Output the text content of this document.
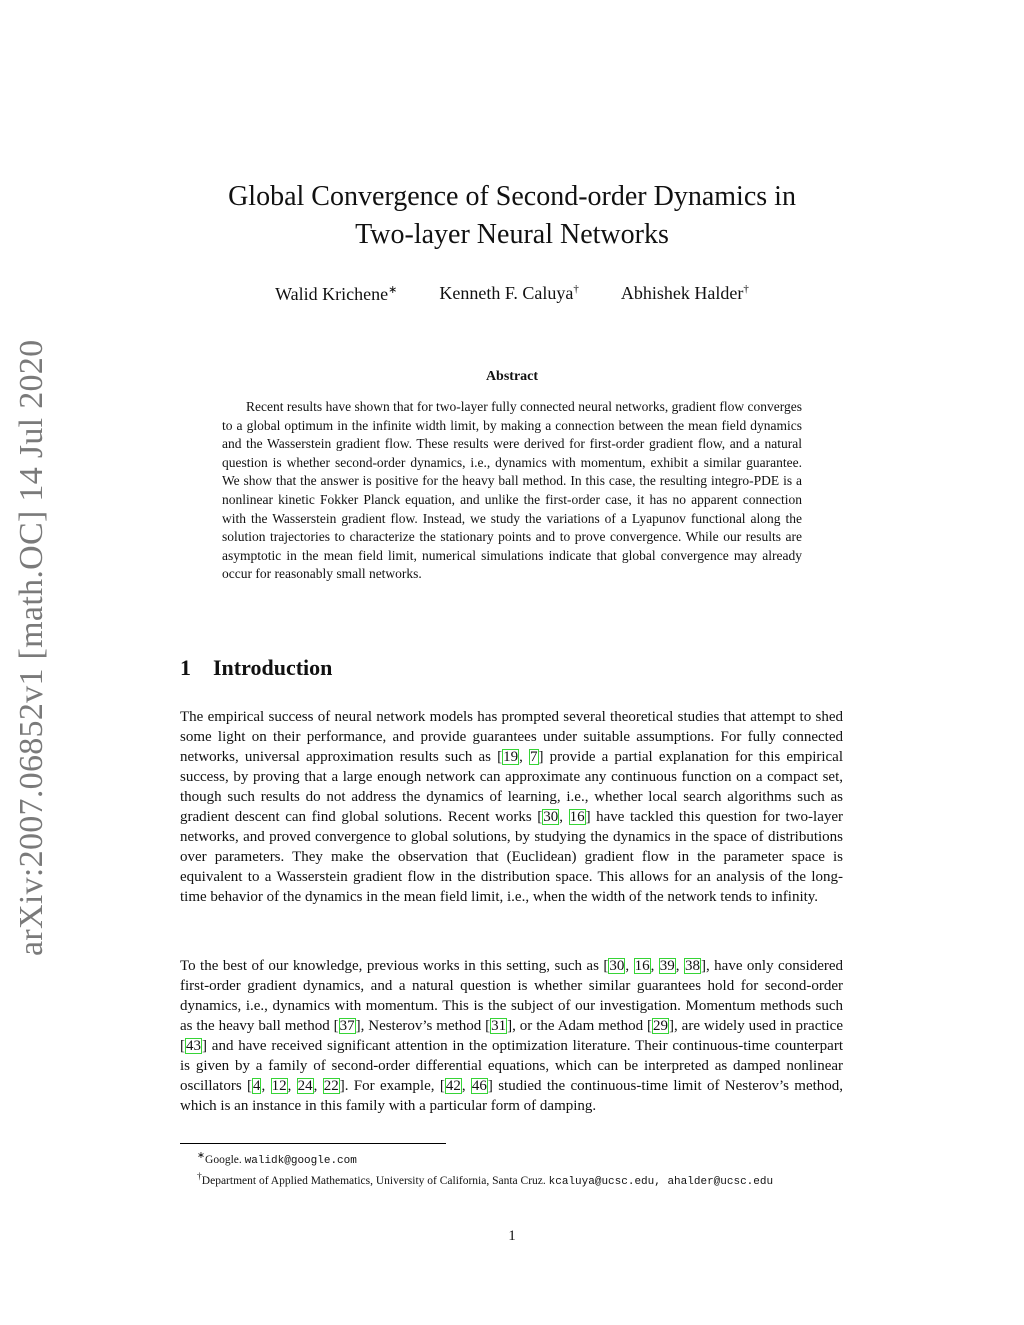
arXiv:2007.06852v1 [math.OC] 14 Jul 2020
Global Convergence of Second-order Dynamics in
Two-layer Neural Networks
Walid Krichene∗ Kenneth F. Caluya† Abhishek Halder†
Abstract

Recent results have shown that for two-layer fully connected neural networks, gradient flow converges to a global optimum in the infinite width limit, by making a connection between the mean field dynamics and the Wasserstein gradient flow. These results were derived for first-order gradient flow, and a natural question is whether second-order dynamics, i.e., dynamics with momentum, exhibit a similar guarantee. We show that the answer is positive for the heavy ball method. In this case, the resulting integro-PDE is a nonlinear kinetic Fokker Planck equation, and unlike the first-order case, it has no apparent connection with the Wasserstein gradient flow. Instead, we study the variations of a Lyapunov functional along the solution trajectories to characterize the stationary points and to prove convergence. While our results are asymptotic in the mean field limit, numerical simulations indicate that global convergence may already occur for reasonably small networks.

1 Introduction

The empirical success of neural network models has prompted several theoretical studies that attempt to shed some light on their performance, and provide guarantees under suitable assumptions. For fully connected networks, universal approximation results such as [19, 7] provide a partial explanation for this empirical success, by proving that a large enough network can approximate any continuous function on a compact set, though such results do not address the dynamics of learning, i.e., whether local search algorithms such as gradient descent can find global solutions. Recent works [30, 16] have tackled this question for two-layer networks, and proved convergence to global solutions, by studying the dynamics in the space of distributions over parameters. They make the observation that (Euclidean) gradient flow in the parameter space is equivalent to a Wasserstein gradient flow in the distribution space. This allows for an analysis of the long-time behavior of the dynamics in the mean field limit, i.e., when the width of the network tends to infinity.

To the best of our knowledge, previous works in this setting, such as [30, 16, 39, 38], have only considered first-order gradient dynamics, and a natural question is whether similar guarantees hold for second-order dynamics, i.e., dynamics with momentum. This is the subject of our investigation. Momentum methods such as the heavy ball method [37], Nesterov’s method [31], or the Adam method [29], are widely used in practice [43] and have received significant attention in the optimization literature. Their continuous-time counterpart is given by a family of second-order differential equations, which can be interpreted as damped nonlinear oscillators [4, 12, 24, 22]. For example, [42, 46] studied the continuous-time limit of Nesterov’s method, which is an instance in this family with a particular form of damping.

∗Google. walidk@google.com
†Department of Applied Mathematics, University of California, Santa Cruz. kcaluya@ucsc.edu, ahalder@ucsc.edu
1
